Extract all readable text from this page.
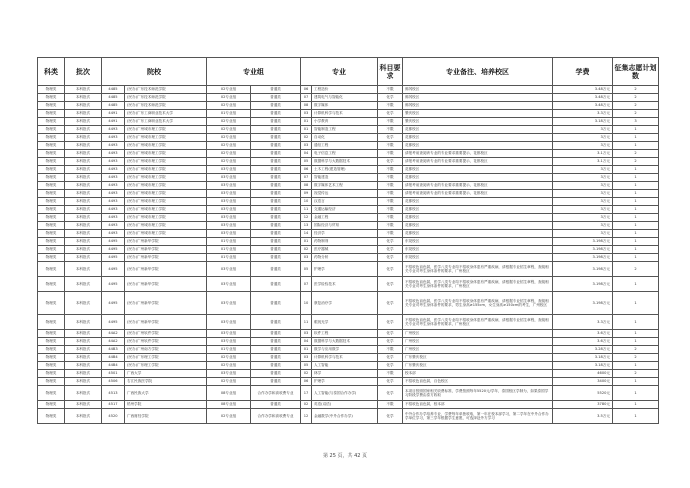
科类	批次	院校		专业组		专业		科目要求	专业备注、培养校区	学费	征集志愿计划数
物理类	本科批次	4485	(民办)广东技术师范学院	02专业组	普通类	06	工程造价	不限	佛冈校区	3.48万元	2
物理类	本科批次	4485	(民办)广东技术师范学院	02专业组	普通类	07	建筑电气与智能化	化学	佛冈校区	3.48万元	2
物理类	本科批次	4485	(民办)广东技术师范学院	02专业组	普通类	08	数字媒体	不限	佛冈校区	3.48万元	2
物理类	本科批次	4491	(民办)广东工商职业技术大学	01专业组	普通类	03	计算机科学与技术	化学	肇庆校区	3.3万元	2
物理类	本科批次	4491	(民办)广东工商职业技术大学	02专业组	普通类	01	小学教育	不限	肇庆校区	3.18万元	3
物理类	本科批次	4493	(民办)广州城市理工学院	02专业组	普通类	01	智能制造工程	不限	花都校区	3万元	1
物理类	本科批次	4493	(民办)广州城市理工学院	02专业组	普通类	02	自动化	化学	花都校区	3万元	1
物理类	本科批次	4493	(民办)广州城市理工学院	02专业组	普通类	03	通信工程	不限	花都校区	3万元	1
物理类	本科批次	4493	(民办)广州城市理工学院	02专业组	普通类	04	电子信息工程	不限	请报考前查阅该专业的专业要求重要提示，花都校区	3.1万元	2
物理类	本科批次	4493	(民办)广州城市理工学院	02专业组	普通类	05	数据科学与大数据技术	化学	请报考前查阅该专业的专业要求重要提示，花都校区	3.1万元	2
物理类	本科批次	4493	(民办)广州城市理工学院	03专业组	普通类	06	土木工程(建造管理)	不限	花都校区	3万元	1
物理类	本科批次	4493	(民办)广州城市理工学院	03专业组	普通类	07	智能建造	不限	花都校区	3万元	1
物理类	本科批次	4493	(民办)广州城市理工学院	03专业组	普通类	08	数字媒体艺术工程	不限	请报考前查阅该专业的专业要求重要提示，花都校区	3万元	1
物理类	本科批次	4493	(民办)广州城市理工学院	03专业组	普通类	09	视觉传达	不限	请报考前查阅该专业的专业要求重要提示，花都校区	3万元	1
物理类	本科批次	4493	(民办)广州城市理工学院	03专业组	普通类	10	汉语言	不限	花都校区	3万元	1
物理类	本科批次	4493	(民办)广州城市理工学院	03专业组	普通类	11	交通运输经济	不限	花都校区	3万元	1
物理类	本科批次	4493	(民办)广州城市理工学院	03专业组	普通类	12	金融工程	不限	花都校区	3万元	1
物理类	本科批次	4493	(民办)广州城市理工学院	03专业组	普通类	13	国际经济与贸易	不限	花都校区	3万元	1
物理类	本科批次	4493	(民办)广州城市理工学院	03专业组	普通类	14	经济学	不限	花都校区	3万元	1
物理类	本科批次	4495	(民办)广州新华学院	01专业组	普通类	01	药物制剂	化学	东莞校区	3.198万元	1
物理类	本科批次	4495	(民办)广州新华学院	01专业组	普通类	02	医疗器械	化学	东莞校区	3.198万元	1
物理类	本科批次	4495	(民办)广州新华学院	01专业组	普通类	03	药物分析	化学	东莞校区	3.198万元	1
物理类	本科批次	4495	(民办)广州新华学院	03专业组	普通类	05	护理学	化学	不招收色盲色弱，医学八类专业均不招收身体患有严重疾病，请根据专业招生章程，查阅相关专业对考生身体条件的要求，广州校区	3.198万元	2
物理类	本科批次	4495	(民办)广州新华学院	03专业组	普通类	07	医学检验技术	化学	不招收色盲色弱，医学八类专业均不招收身体患有严重疾病，请根据专业招生章程，查阅相关专业对考生身体条件的要求，广州校区	3.198万元	1
物理类	本科批次	4495	(民办)广州新华学院	03专业组	普通类	10	康复治疗学	化学	不招收色盲色弱，医学八类专业均不招收身体患有严重疾病，请根据专业招生章程，查阅相关专业对考生身体条件的要求，男生身高≥155cm，女生身高≥150cm的考生，广州校区	3.198万元	1
物理类	本科批次	4495	(民办)广州新华学院	03专业组	普通类	11	眼视光学	化学	不招收色盲色弱，医学八类专业均不招收身体患有严重疾病，请根据专业招生章程，查阅相关专业对考生身体条件的要求，广州校区	3.3万元	1
物理类	本科批次	44A2	(民办)广州软件学院	03专业组	普通类	03	软件工程	化学	广州校区	3.6万元	1
物理类	本科批次	44A2	(民办)广州软件学院	03专业组	普通类	04	数据科学与大数据技术	化学	广州校区	3.6万元	1
物理类	本科批次	44B3	(民办)广州南方学院	01专业组	普通类	01	数学与应用数学	不限	广州校区	3.28万元	2
物理类	本科批次	44B4	(民办)广东理工学院	02专业组	普通类	03	计算机科学与技术	化学	广东肇庆校区	3.18万元	2
物理类	本科批次	44B4	(民办)广东理工学院	02专业组	普通类	05	人工智能	化学	广东肇庆校区	3.18万元	1
物理类	本科批次	4501	广西大学	03专业组	普通类	02	林学	不限	校本部	4600元	2
物理类	本科批次	4506	右江民族医学院	02专业组	普通类	06	护理学	化学	不招收色盲色弱，百色校区	3400元	1
物理类	本科批次	4513	广西民族大学	08专业组	合作办学和高收费专业	17	人工智能(与泰国合作办学)	化学	本项目按照国家相关收费标准，学费按照每年5520元/学年，泰国校区学制为，如果泰国学习阶段学费由泰方收取	5520元	1
物理类	本科批次	4517	梧州学院	08专业组	普通类	02	英语(双语)	不限	不招收色盲色弱，校本部	3780元	1
物理类	本科批次	4520	广西财经学院	02专业组	合作办学和高收费专业	12	金融数学(中外合作办学)	化学	中外合作办学培养专业，学费每年单独收取，第一年在校本部学习，第二学年在中外合作办学单位学习，第三学年根据学生意愿，可选择赴外方学习	3.5万元	1
第 25 页，共 42 页
